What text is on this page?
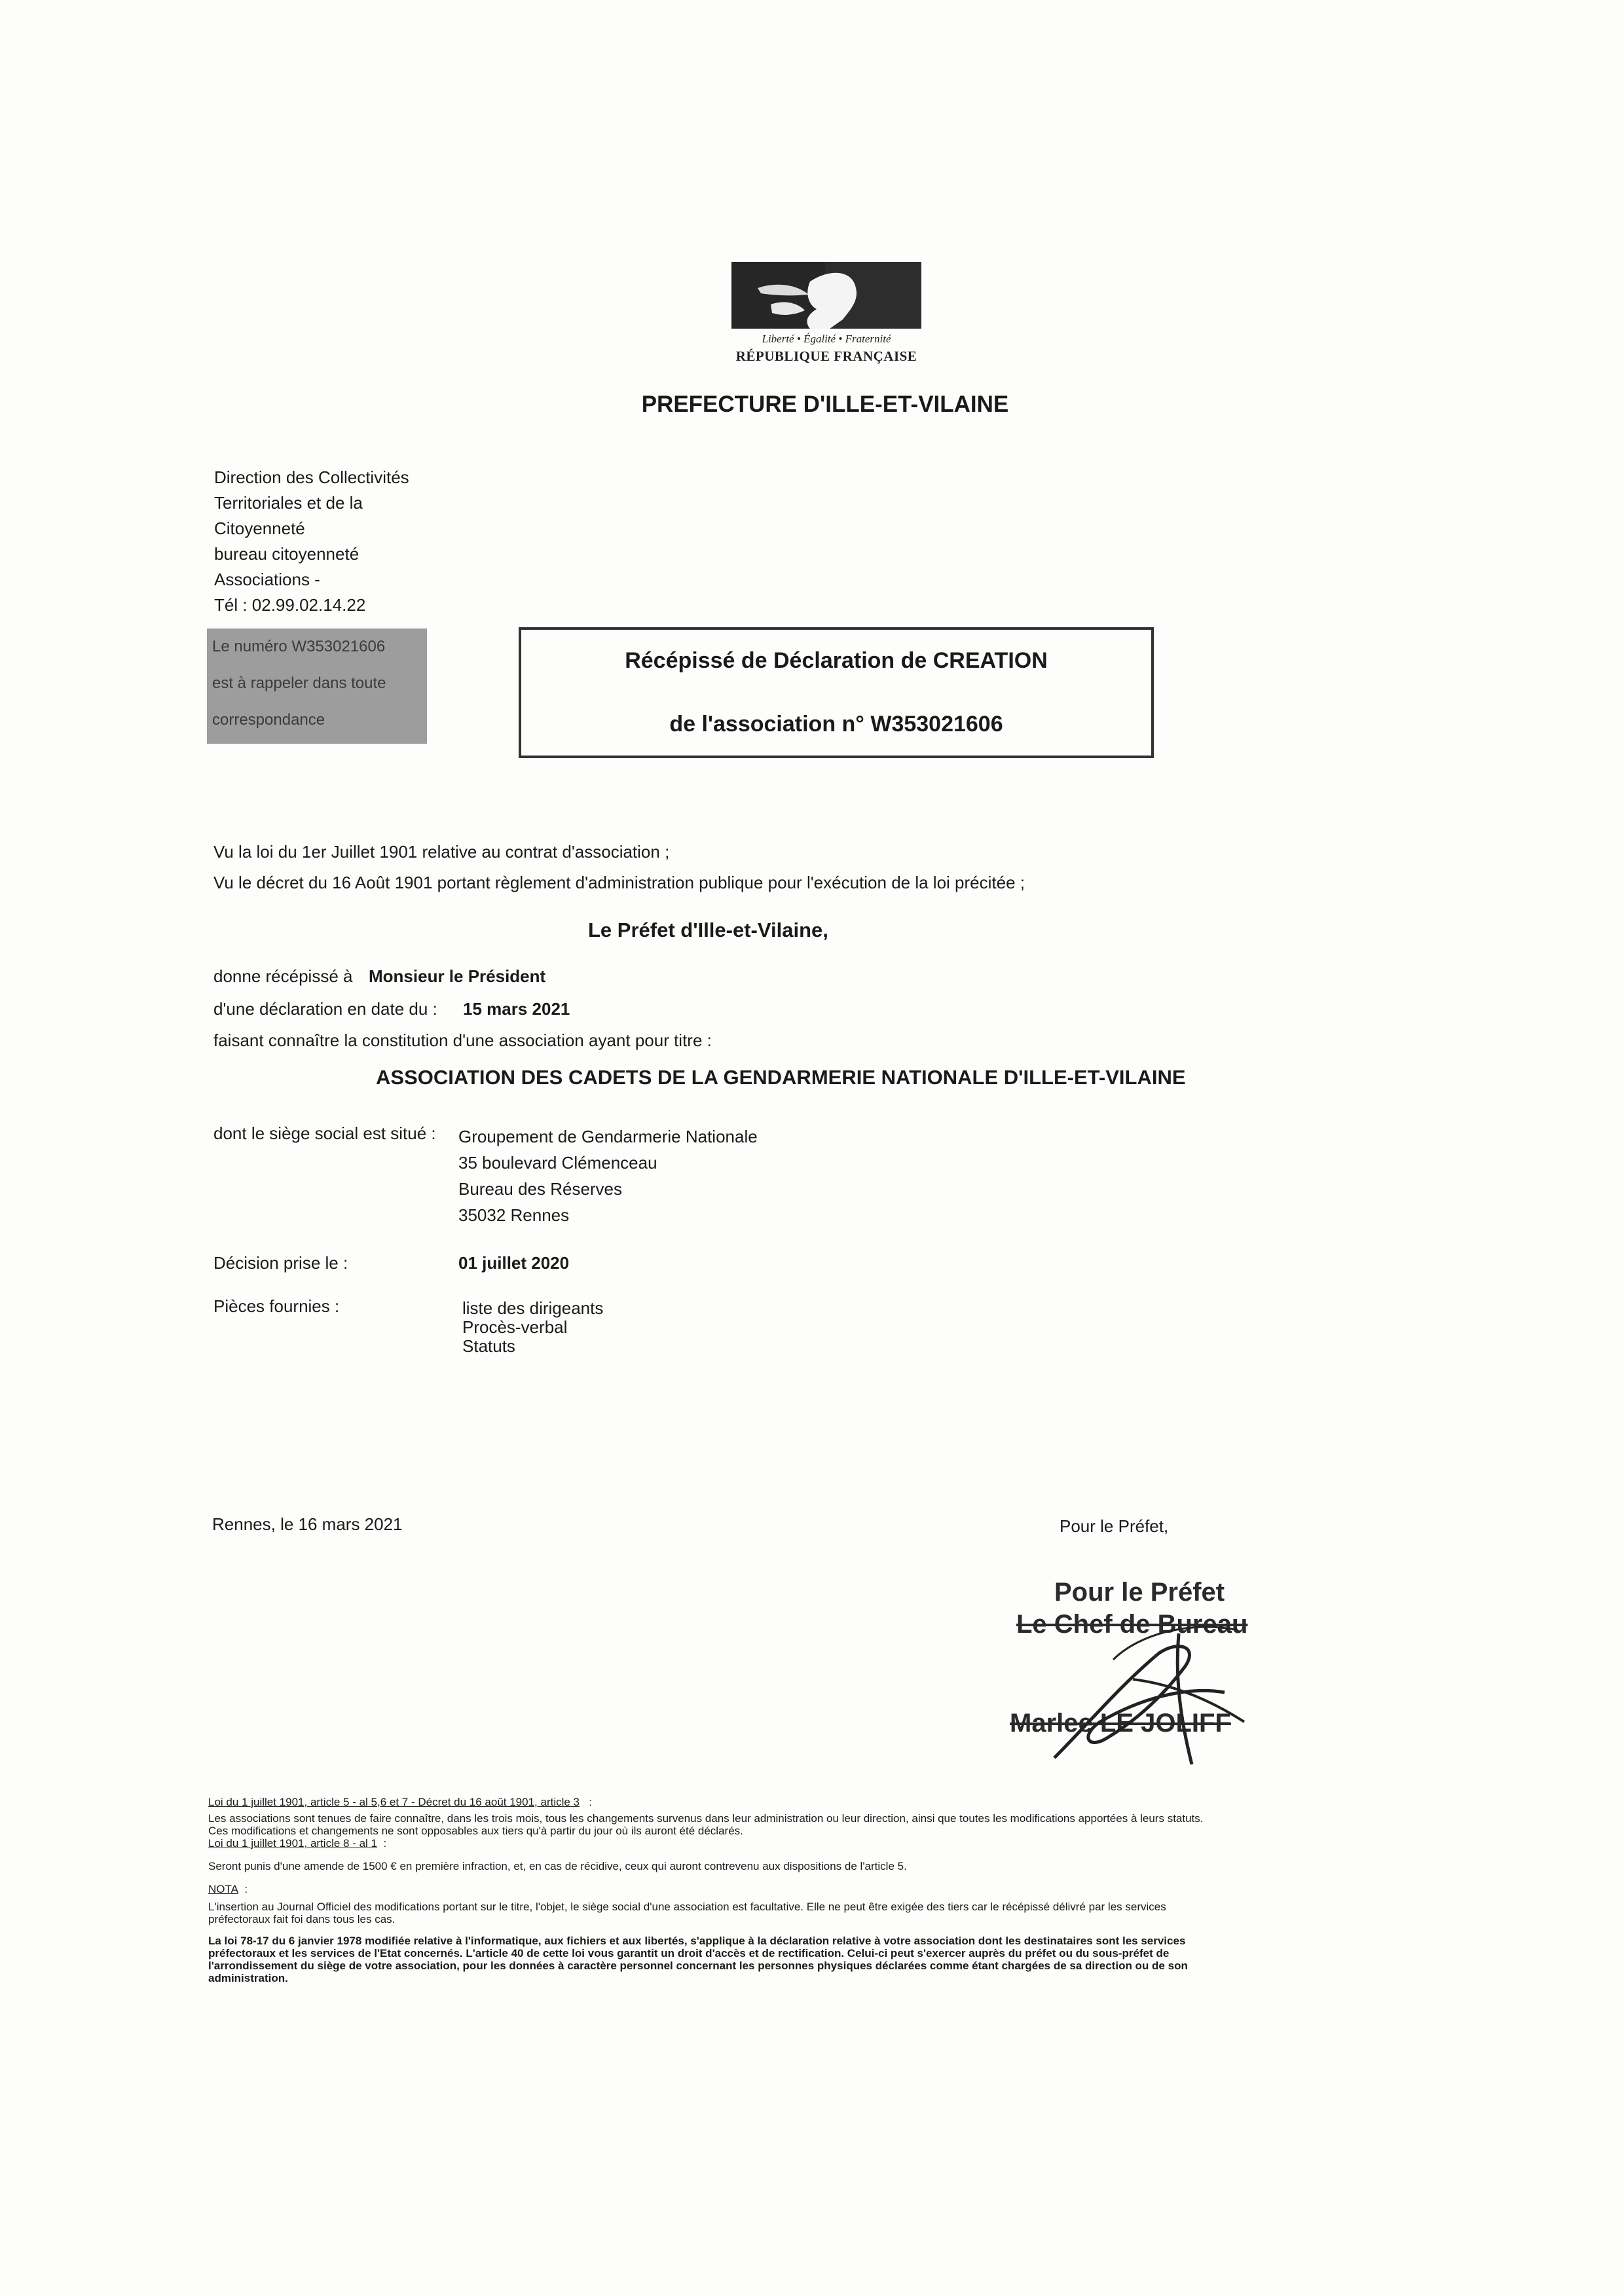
Liberté • Égalité • Fraternité
RÉPUBLIQUE FRANÇAISE
PREFECTURE D'ILLE-ET-VILAINE
Direction des Collectivités
Territoriales et de la
Citoyenneté
bureau citoyenneté
Associations -
Tél : 02.99.02.14.22
Le numéro W353021606
est à rappeler dans toute
correspondance
Récépissé de Déclaration de CREATION
de l'association n° W353021606
Vu la loi du 1er Juillet 1901 relative au contrat d'association ;
Vu le décret du 16 Août 1901 portant règlement d'administration publique pour l'exécution de la loi précitée ;
Le Préfet d'Ille-et-Vilaine,
donne récépissé à Monsieur le Président
d'une déclaration en date du : 15 mars 2021
faisant connaître la constitution d'une association ayant pour titre :
ASSOCIATION DES CADETS DE LA GENDARMERIE NATIONALE D'ILLE-ET-VILAINE
dont le siège social est situé : Groupement de Gendarmerie Nationale
35 boulevard Clémenceau
Bureau des Réserves
35032 Rennes
Décision prise le :	01 juillet 2020
Pièces fournies :	liste des dirigeants
Procès-verbal
Statuts
Rennes, le 16 mars 2021	Pour le Préfet,
Pour le Préfet
Le Chef de Bureau
Marlee LE JOLIFF
Loi du 1 juillet 1901, article 5 - al 5,6 et 7 - Décret du 16 août 1901, article 3 :
Les associations sont tenues de faire connaître, dans les trois mois, tous les changements survenus dans leur administration ou leur direction, ainsi que toutes les modifications apportées à leurs statuts.
Ces modifications et changements ne sont opposables aux tiers qu'à partir du jour où ils auront été déclarés.
Loi du 1 juillet 1901, article 8 - al 1 :
Seront punis d'une amende de 1500 € en première infraction, et, en cas de récidive, ceux qui auront contrevenu aux dispositions de l'article 5.
NOTA :
L'insertion au Journal Officiel des modifications portant sur le titre, l'objet, le siège social d'une association est facultative. Elle ne peut être exigée des tiers car le récépissé délivré par les services
préfectoraux fait foi dans tous les cas.
La loi 78-17 du 6 janvier 1978 modifiée relative à l'informatique, aux fichiers et aux libertés, s'applique à la déclaration relative à votre association dont les destinataires sont les services
préfectoraux et les services de l'Etat concernés. L'article 40 de cette loi vous garantit un droit d'accès et de rectification. Celui-ci peut s'exercer auprès du préfet ou du sous-préfet de
l'arrondissement du siège de votre association, pour les données à caractère personnel concernant les personnes physiques déclarées comme étant chargées de sa direction ou de son
administration.
